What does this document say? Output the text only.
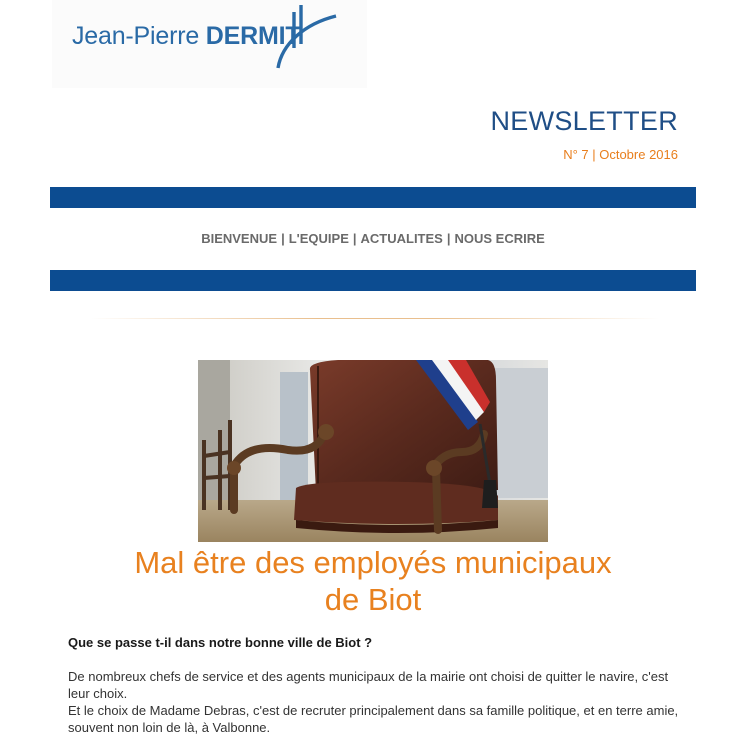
Jean-Pierre DERMIT
NEWSLETTER
N° 7 | Octobre 2016
BIENVENUE | L'EQUIPE | ACTUALITES | NOUS ECRIRE
Mal être des employés municipaux
de Biot

Que se passe t-il dans notre bonne ville de Biot ?

De nombreux chefs de service et des agents municipaux de la mairie ont choisi de quitter le navire, c'est leur choix.
Et le choix de Madame Debras, c'est de recruter principalement dans sa famille politique, et en terre amie, souvent non loin de là, à Valbonne.
